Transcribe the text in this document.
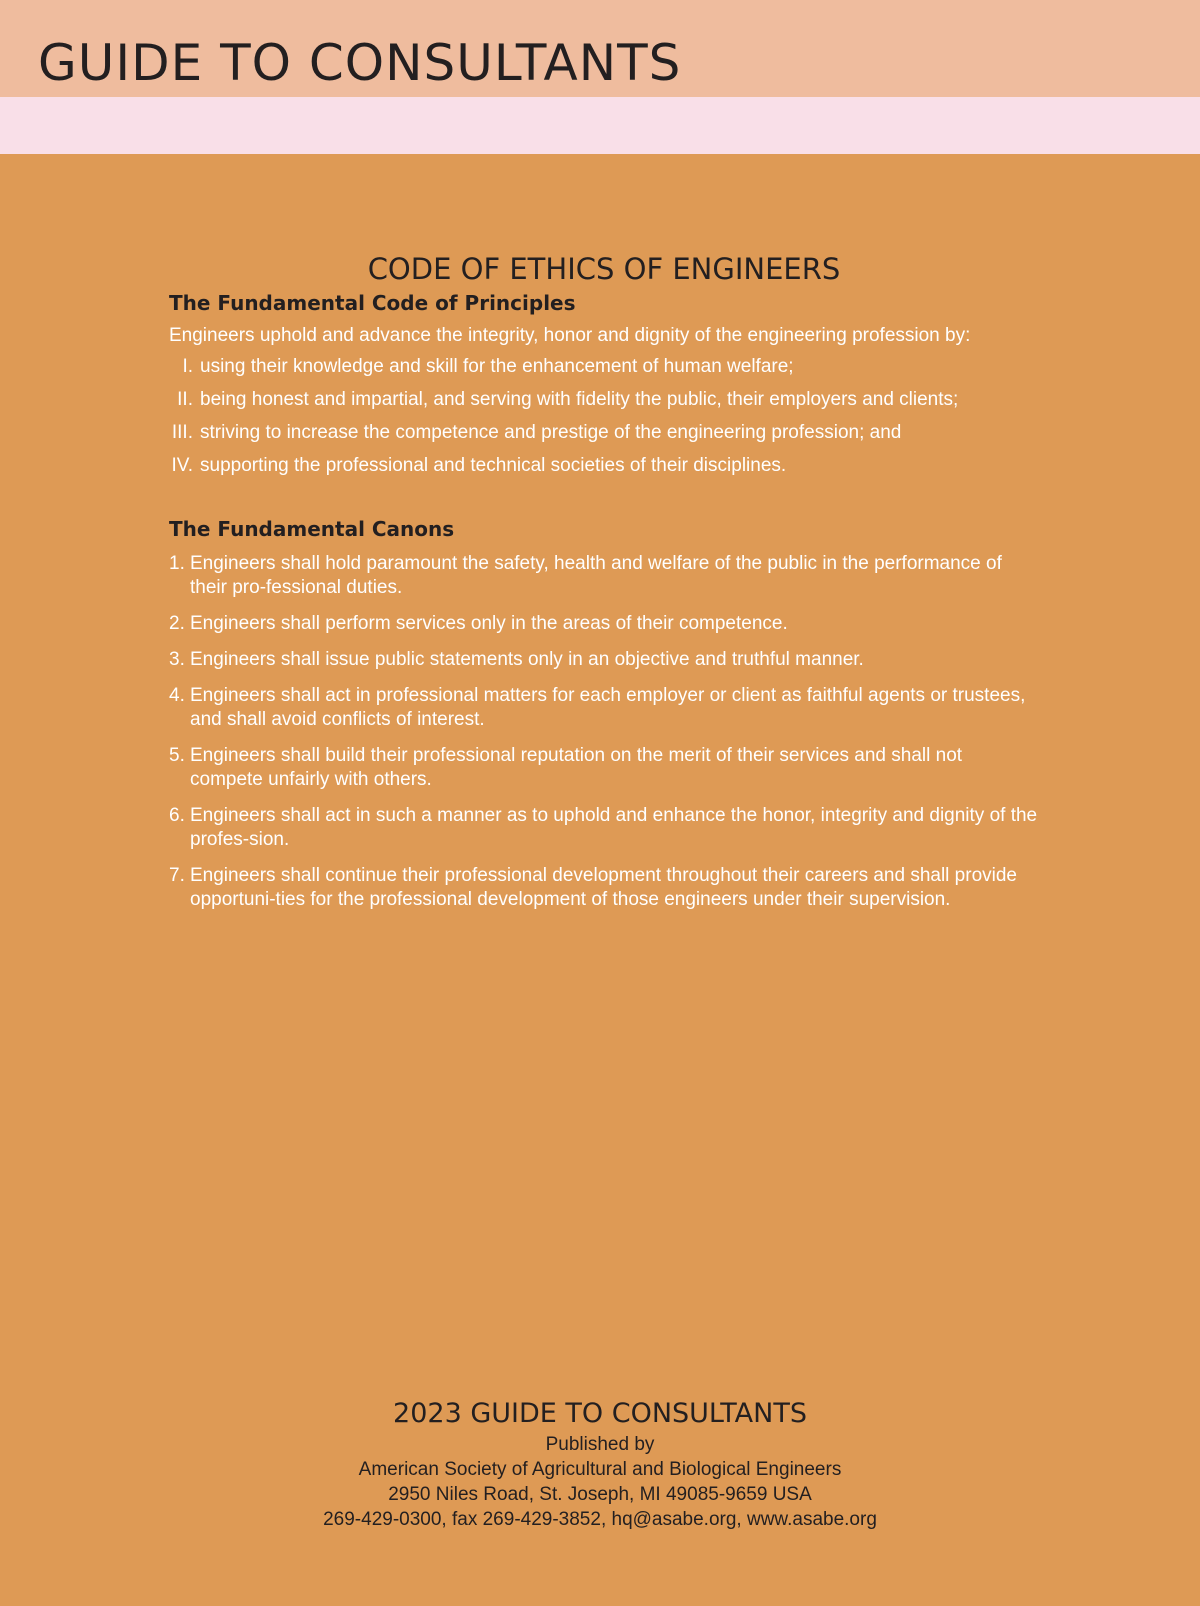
GUIDE TO CONSULTANTS
CODE OF ETHICS OF ENGINEERS
The Fundamental Code of Principles

Engineers uphold and advance the integrity, honor and dignity of the engineering profession by:

I. using their knowledge and skill for the enhancement of human welfare;
II. being honest and impartial, and serving with fidelity the public, their employers and clients;
III. striving to increase the competence and prestige of the engineering profession; and
IV. supporting the professional and technical societies of their disciplines.
The Fundamental Canons
1. Engineers shall hold paramount the safety, health and welfare of the public in the performance of their pro-fessional duties.
2. Engineers shall perform services only in the areas of their competence.
3. Engineers shall issue public statements only in an objective and truthful manner.
4. Engineers shall act in professional matters for each employer or client as faithful agents or trustees, and shall avoid conflicts of interest.
5. Engineers shall build their professional reputation on the merit of their services and shall not compete unfairly with others.
6. Engineers shall act in such a manner as to uphold and enhance the honor, integrity and dignity of the profes-sion.
7. Engineers shall continue their professional development throughout their careers and shall provide opportuni-ties for the professional development of those engineers under their supervision.
2023 GUIDE TO CONSULTANTS
Published by
American Society of Agricultural and Biological Engineers
2950 Niles Road, St. Joseph, MI 49085-9659 USA
269-429-0300, fax 269-429-3852, hq@asabe.org, www.asabe.org
